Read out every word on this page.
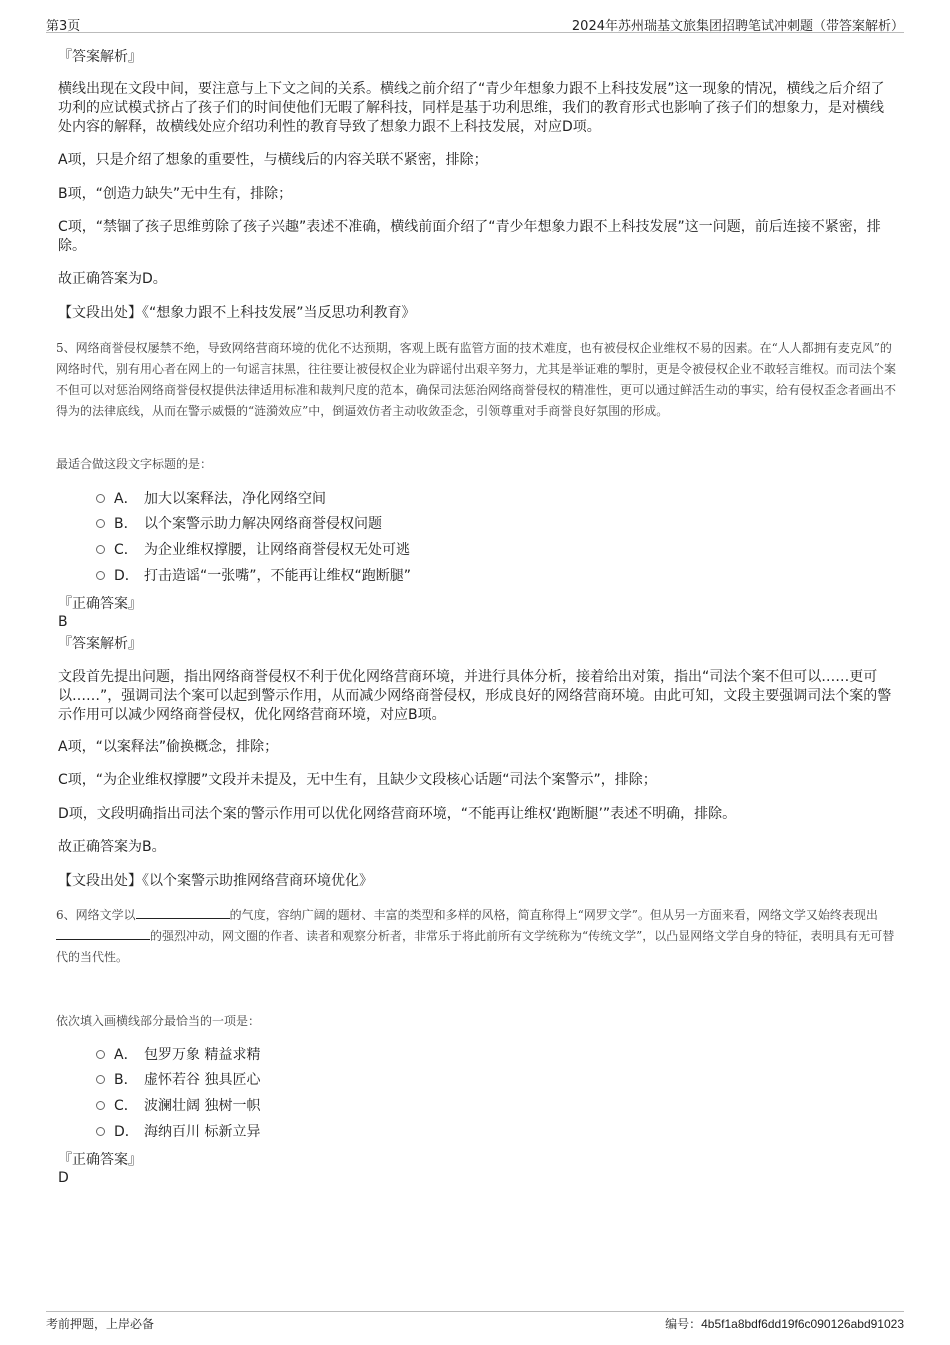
第3页	2024年苏州瑞基文旅集团招聘笔试冲刺题（带答案解析）

『答案解析』

横线出现在文段中间，要注意与上下文之间的关系。横线之前介绍了“青少年想象力跟不上科技发展”这一现象的情况，横线之后介绍了功利的应试模式挤占了孩子们的时间使他们无暇了解科技，同样是基于功利思维，我们的教育形式也影响了孩子们的想象力，是对横线处内容的解释，故横线处应介绍功利性的教育导致了想象力跟不上科技发展，对应D项。

A项，只是介绍了想象的重要性，与横线后的内容关联不紧密，排除；

B项，“创造力缺失”无中生有，排除；

C项，“禁锢了孩子思维剪除了孩子兴趣”表述不准确，横线前面介绍了“青少年想象力跟不上科技发展”这一问题，前后连接不紧密，排除。

故正确答案为D。

【文段出处】《“想象力跟不上科技发展”当反思功利教育》

5、网络商誉侵权屡禁不绝，导致网络营商环境的优化不达预期，客观上既有监管方面的技术难度，也有被侵权企业维权不易的因素。在“人人都拥有麦克风”的网络时代，别有用心者在网上的一句谣言抹黑，往往要让被侵权企业为辟谣付出艰辛努力，尤其是举证难的掣肘，更是令被侵权企业不敢轻言维权。而司法个案不但可以对惩治网络商誉侵权提供法律适用标准和裁判尺度的范本，确保司法惩治网络商誉侵权的精准性，更可以通过鲜活生动的事实，给有侵权歪念者画出不得为的法律底线，从而在警示威慑的“涟漪效应”中，倒逼效仿者主动收敛歪念，引领尊重对手商誉良好氛围的形成。

最适合做这段文字标题的是：

A． 加大以案释法，净化网络空间
B． 以个案警示助力解决网络商誉侵权问题
C． 为企业维权撑腰，让网络商誉侵权无处可逃
D． 打击造谣“一张嘴”，不能再让维权“跑断腿”

『正确答案』

B

『答案解析』

文段首先提出问题，指出网络商誉侵权不利于优化网络营商环境，并进行具体分析，接着给出对策，指出“司法个案不但可以……更可以……”，强调司法个案可以起到警示作用，从而减少网络商誉侵权，形成良好的网络营商环境。由此可知，文段主要强调司法个案的警示作用可以减少网络商誉侵权，优化网络营商环境，对应B项。

A项，“以案释法”偷换概念，排除；

C项，“为企业维权撑腰”文段并未提及，无中生有，且缺少文段核心话题“司法个案警示”，排除；

D项，文段明确指出司法个案的警示作用可以优化网络营商环境，“不能再让维权‘跑断腿’”表述不明确，排除。

故正确答案为B。

【文段出处】《以个案警示助推网络营商环境优化》

6、网络文学以	的气度，容纳广阔的题材、丰富的类型和多样的风格，简直称得上“网罗文学”。但从另一方面来看，网络文学又始终表现出的强烈冲动，网文圈的作者、读者和观察分析者，非常乐于将此前所有文学统称为“传统文学”，以凸显网络文学自身的特征，表明具有无可替代的当代性。

依次填入画横线部分最恰当的一项是：

A． 包罗万象 精益求精
B． 虚怀若谷 独具匠心
C． 波澜壮阔 独树一帜
D． 海纳百川 标新立异

『正确答案』

D

考前押题，上岸必备	编号：4b5f1a8bdf6dd19f6c090126abd91023
